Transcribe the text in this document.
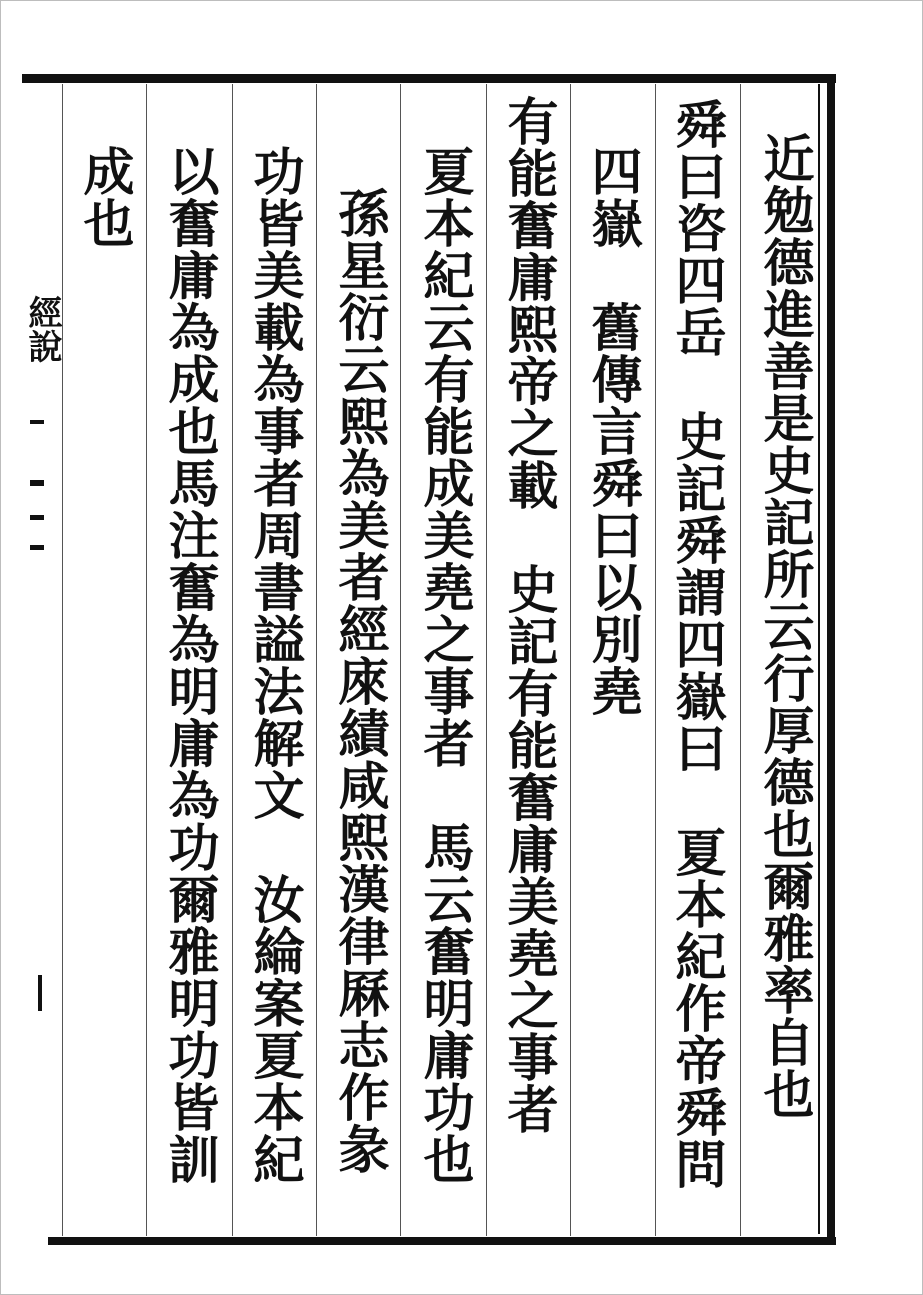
近勉德進善是史記所云行厚德也爾雅率自也
舜曰咨四岳　史記舜謂四嶽曰　夏本紀作帝舜問
四嶽　舊傳言舜曰以別堯
有能奮庸熙帝之載　史記有能奮庸美堯之事者
夏本紀云有能成美堯之事者　馬云奮明庸功也
孫星衍云熙為美者經庲績咸熙漢律厤志作彖
功皆美載為事者周書謚法解文　汝綸案夏本紀
以奮庸為成也馬注奮為明庸為功爾雅明功皆訓
成也
經說
